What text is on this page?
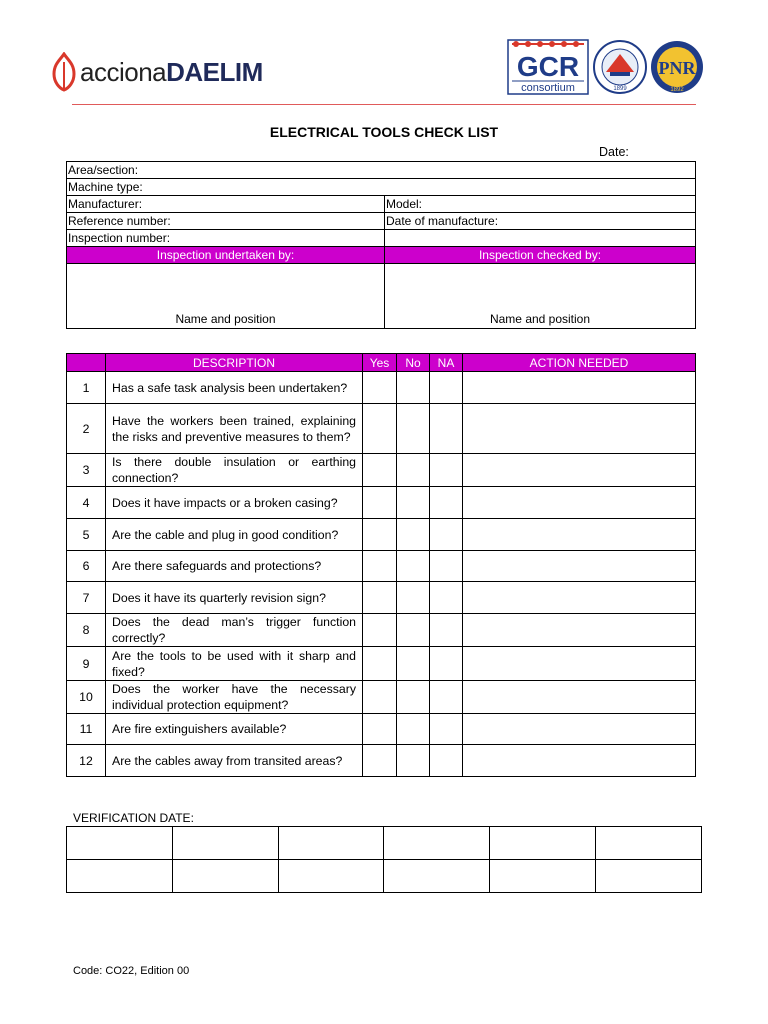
acciona DAELIM	GCR
consortium	1899
PNR
1892
ELECTRICAL TOOLS CHECK LIST
Date:
Area/section:	
Machine type:	
Manufacturer:	Model:
Reference number:	Date of manufacture:
Inspection number:	
Inspection undertaken by:	Inspection checked by:
Name and position	Name and position
	DESCRIPTION	Yes	No	NA	ACTION NEEDED
1	Has a safe task analysis been undertaken?				
2	Have the workers been trained, explaining the risks and preventive measures to them?				
3	Is there double insulation or earthing connection?				
4	Does it have impacts or a broken casing?				
5	Are the cable and plug in good condition?				
6	Are there safeguards and protections?				
7	Does it have its quarterly revision sign?				
8	Does the dead man’s trigger function correctly?				
9	Are the tools to be used with it sharp and fixed?				
10	Does the worker have the necessary individual protection equipment?				
11	Are fire extinguishers available?				
12	Are the cables away from transited areas?				
VERIFICATION DATE:

Code: CO22, Edition 00
